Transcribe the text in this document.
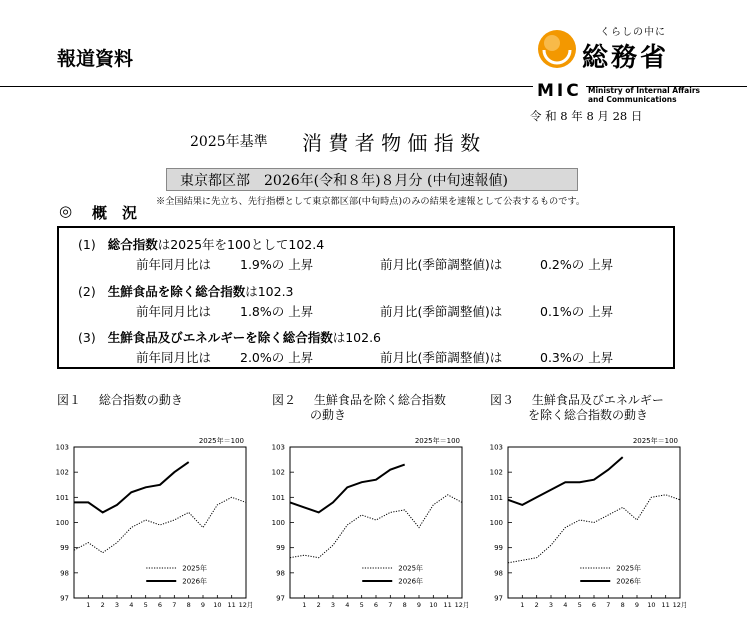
報道資料
くらしの中に
総務省
MIC Ministry of Internal Affairs
and Communications
令 和 8 年 8 月 28 日
2025年基準 消 費 者 物 価 指 数
東京都区部　2026年(令和８年)８月分 (中旬速報値)
◎ 概　況
※全国結果に先立ち、先行指標として東京都区部(中旬時点)のみの結果を速報として公表するものです。
(1) 総合指数は2025年を100として102.4
前年同月比は 1.9%の 上昇	前月比(季節調整値)は	0.2%の 上昇
(2) 生鮮食品を除く総合指数は102.3
前年同月比は 1.8%の 上昇	前月比(季節調整値)は	0.1%の 上昇
(3) 生鮮食品及びエネルギーを除く総合指数は102.6
前年同月比は 2.0%の 上昇	前月比(季節調整値)は	0.3%の 上昇
図１ 総合指数の動き	図２ 生鮮食品を除く総合指数
の動き
図３ 生鮮食品及びエネルギー
を除く総合指数の動き
2025年＝100
97
98
99
100
101
102
103
1 2 3 4 5 6 7 8 9 10 11 12月
2025年
2026年
2025年＝100
97
98
99
100
101
102
103
1 2 3 4 5 6 7 8 9 10 11 12月
2025年
2026年
2025年＝100
97
98
99
100
101
102
103
1 2 3 4 5 6 7 8 9 10 11 12月
2025年
2026年
